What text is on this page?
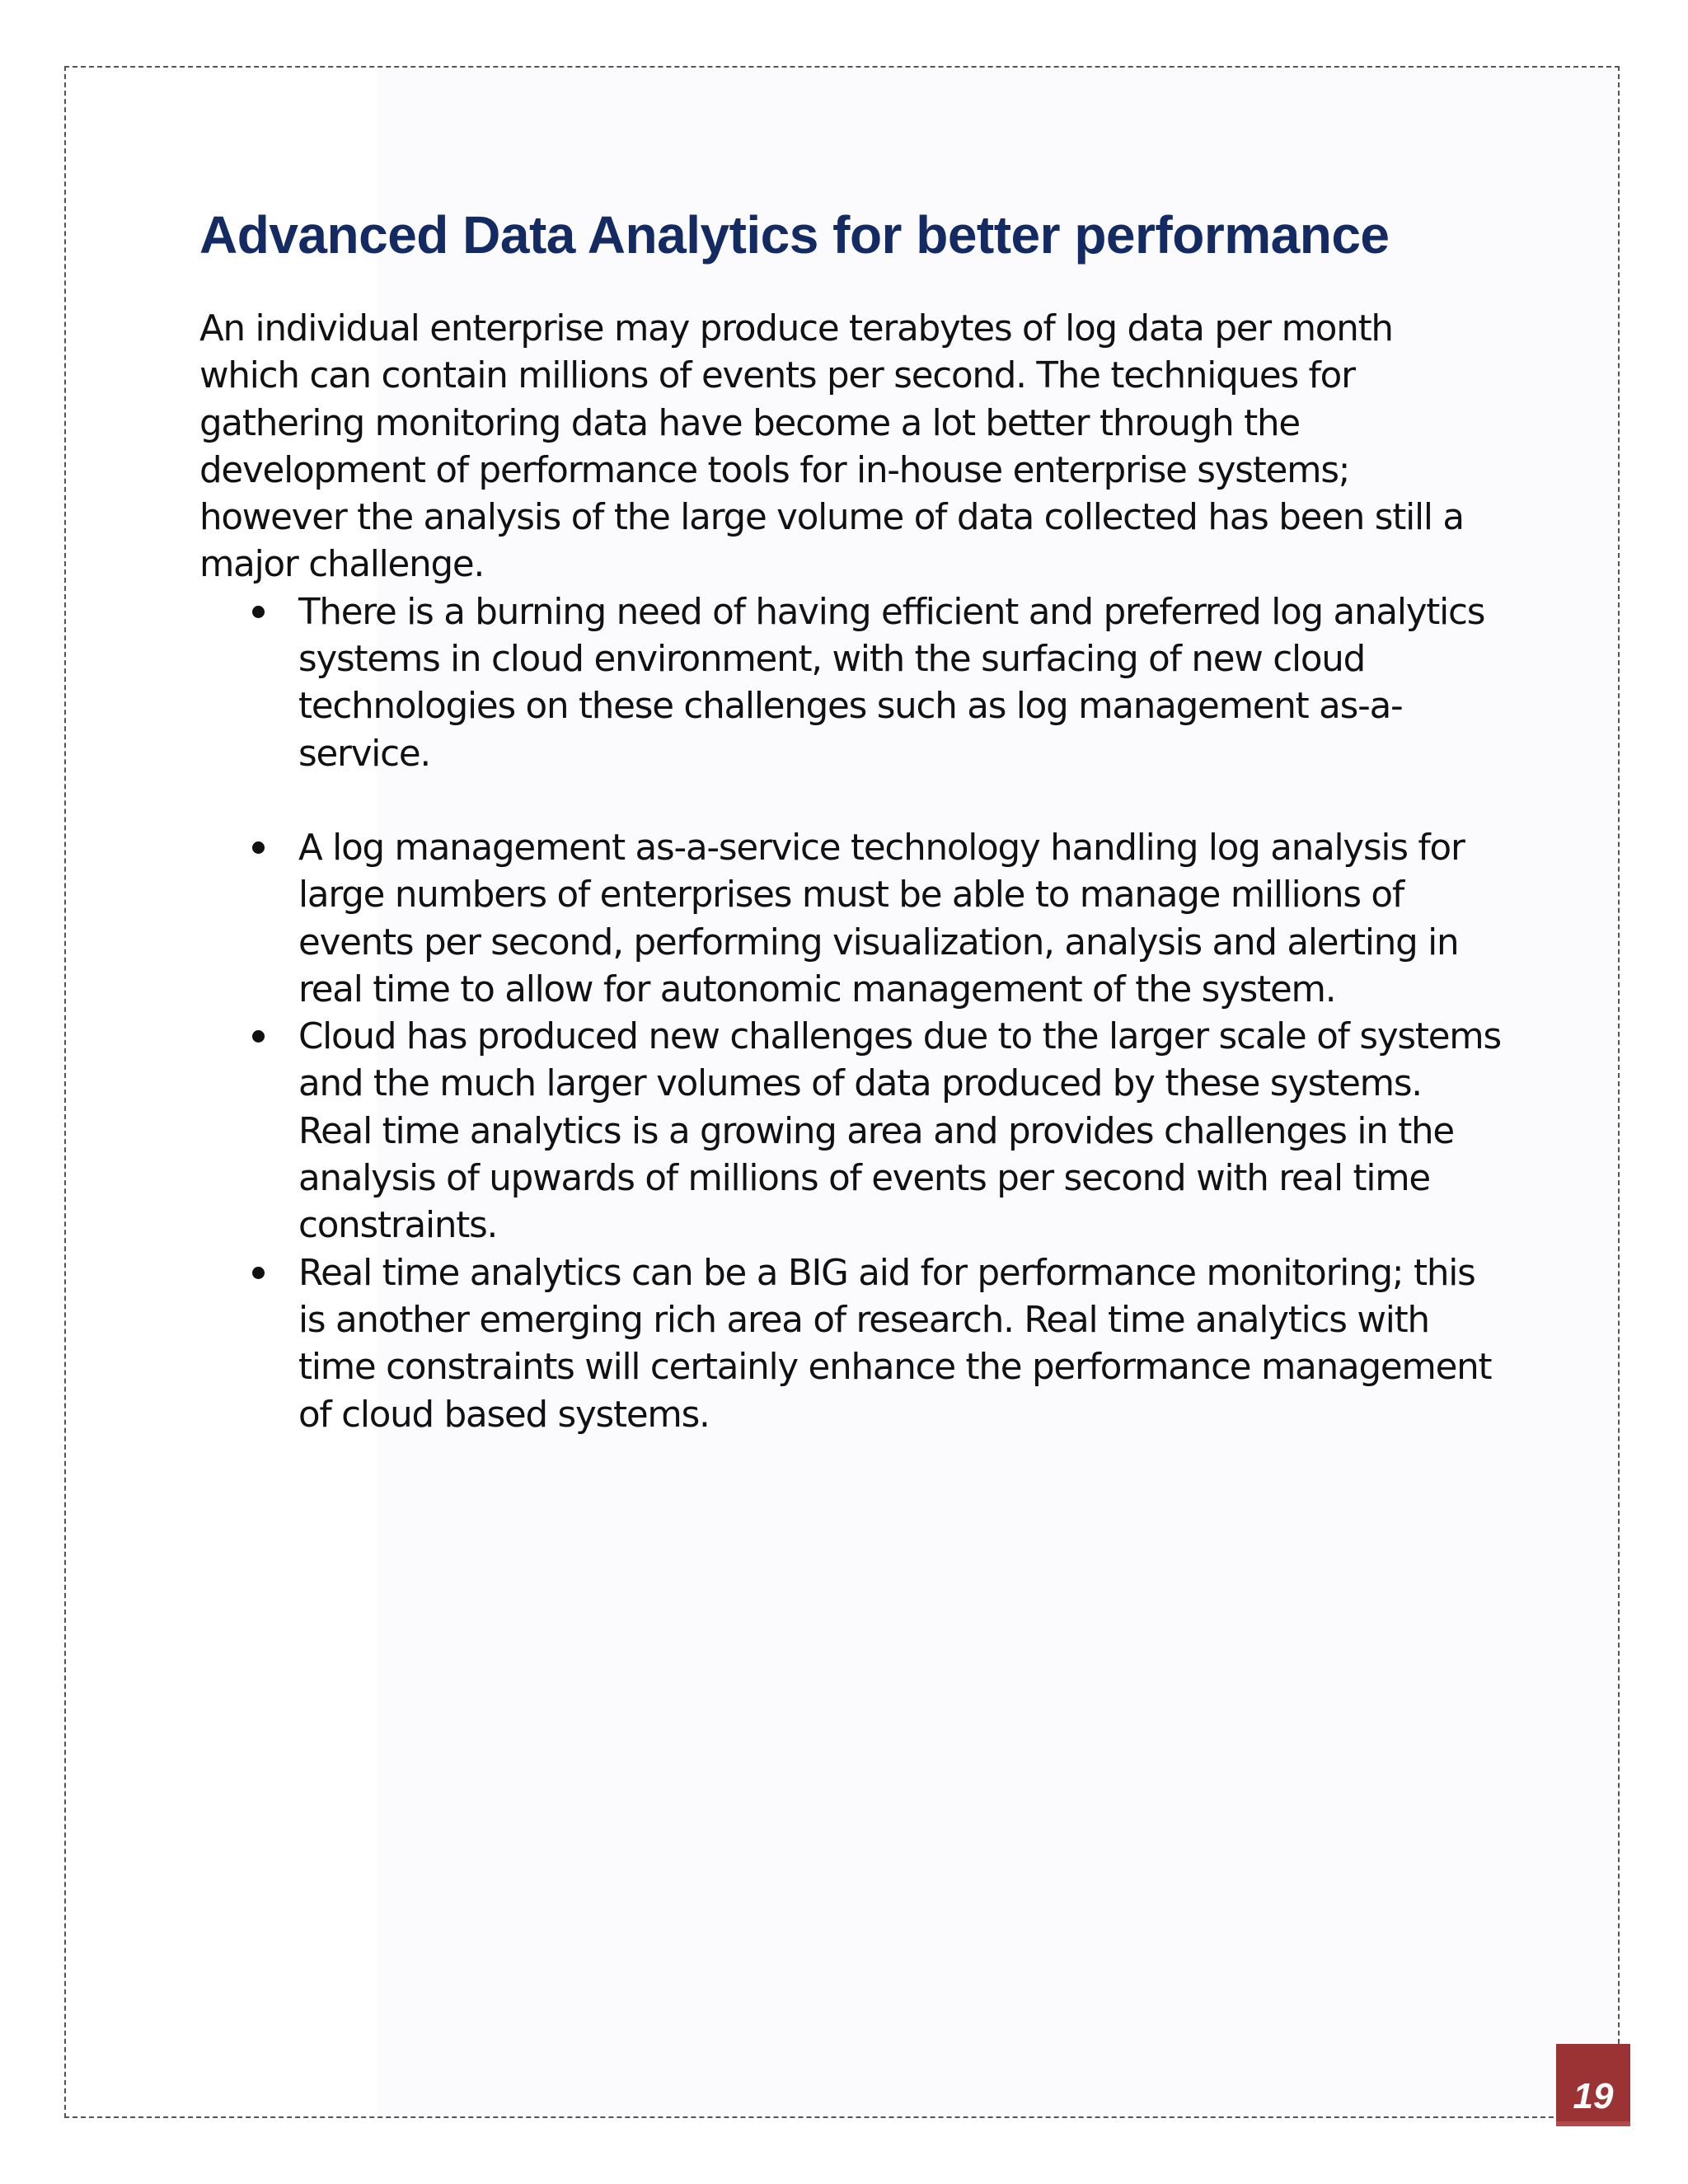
Advanced Data Analytics for better performance

An individual enterprise may produce terabytes of log data per month which can contain millions of events per second. The techniques for gathering monitoring data have become a lot better through the development of performance tools for in-house enterprise systems; however the analysis of the large volume of data collected has been still a major challenge.

There is a burning need of having efficient and preferred log analytics systems in cloud environment, with the surfacing of new cloud technologies on these challenges such as log management as-a-service.
A log management as-a-service technology handling log analysis for large numbers of enterprises must be able to manage millions of events per second, performing visualization, analysis and alerting in real time to allow for autonomic management of the system.
Cloud has produced new challenges due to the larger scale of systems and the much larger volumes of data produced by these systems. Real time analytics is a growing area and provides challenges in the analysis of upwards of millions of events per second with real time constraints.
Real time analytics can be a BIG aid for performance monitoring; this is another emerging rich area of research. Real time analytics with time constraints will certainly enhance the performance management of cloud based systems.
19
